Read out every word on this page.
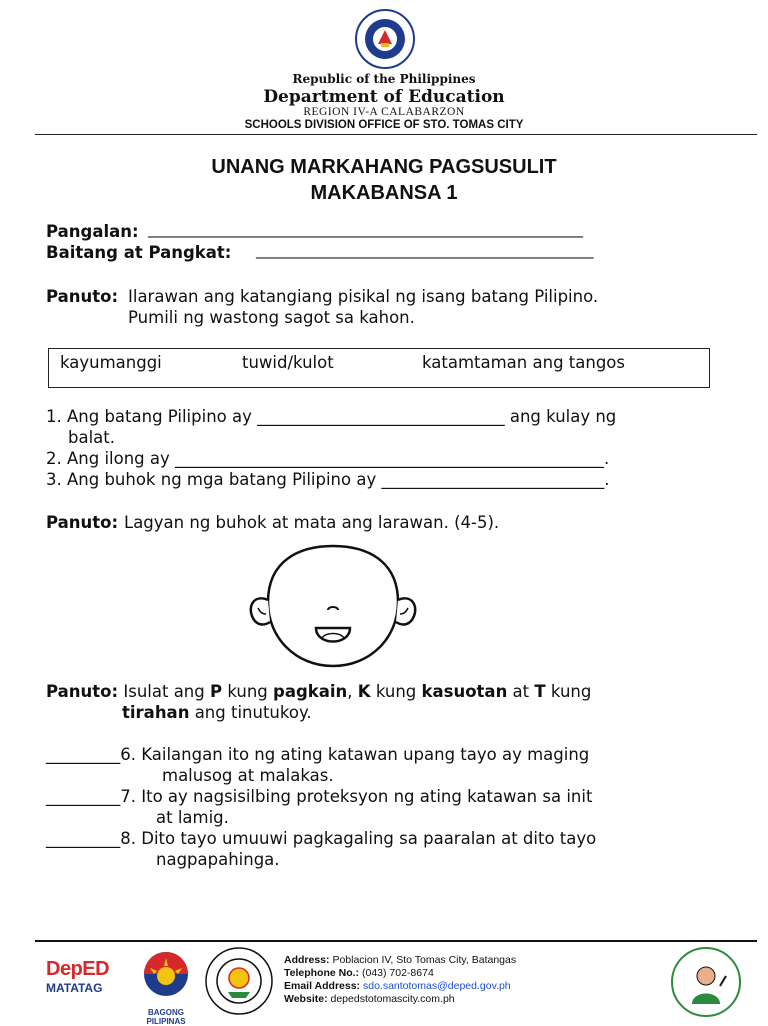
Republic of the Philippines
Department of Education
REGION IV-A CALABARZON
SCHOOLS DIVISION OFFICE OF STO. TOMAS CITY
UNANG MARKAHANG PAGSUSULIT
MAKABANSA 1
Pangalan: __________________________________________________________
Baitang at Pangkat: _____________________________________________
Panuto: Ilarawan ang katangiang pisikal ng isang batang Pilipino.
Pumili ng wastong sagot sa kahon.
kayumanggi	tuwid/kulot	katamtaman ang tangos
1. Ang batang Pilipino ay ______________________________ ang kulay ng
balat.
2. Ang ilong ay ____________________________________________________.
3. Ang buhok ng mga batang Pilipino ay ___________________________.
Panuto: Lagyan ng buhok at mata ang larawan. (4-5).
Panuto: Isulat ang P kung pagkain, K kung kasuotan at T kung
tirahan ang tinutukoy.
_________6. Kailangan ito ng ating katawan upang tayo ay maging
malusog at malakas.
_________7. Ito ay nagsisilbing proteksyon ng ating katawan sa init
at lamig.
_________8. Dito tayo umuuwi pagkagaling sa paaralan at dito tayo
nagpapahinga.
DepED
MATATAG
BAGONG PILIPINAS
Address: Poblacion IV, Sto Tomas City, Batangas
Telephone No.: (043) 702-8674
Email Address: sdo.santotomas@deped.gov.ph
Website: depedstotomascity.com.ph
